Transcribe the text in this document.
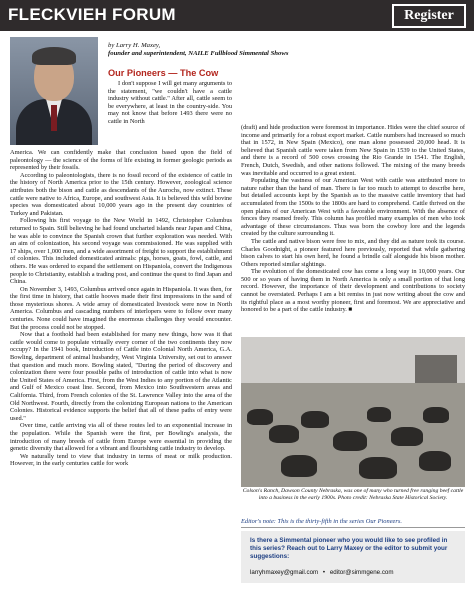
FLECKVIEH FORUM	Register
by Larry H. Maxey,
founder and superintendent, NAILE Fullblood Simmental Shows
Our Pioneers — The Cow

I don't suppose I will get many arguments to the statement, "we couldn't have a cattle industry without cattle." After all, cattle seem to be everywhere, at least in the country-side. You may not know that before 1493 there were no cattle in North

America. We can confidently make that conclusion based upon the field of paleontology — the science of the forms of life existing in former geologic periods as represented by their fossils.

According to paleontologists, there is no fossil record of the existence of cattle in the history of North America prior to the 15th century. However, zoological science attributes both the bison and cattle as descendants of the Aurochs, now extinct. These cattle were native to Africa, Europe, and southwest Asia. It is believed this wild bovine species was domesticated about 10,000 years ago in the present day countries of Turkey and Pakistan.

Following his first voyage to the New World in 1492, Christopher Columbus returned to Spain. Still believing he had found uncharted islands near Japan and China, he was able to convince the Spanish crown that further exploration was needed. With an aim of colonization, his second voyage was commissioned. He was supplied with 17 ships, over 1,000 men, and a wide assortment of freight to support the establishment of colonies. This included domesticated animals: pigs, horses, goats, fowl, cattle, and others. He was ordered to expand the settlement on Hispaniola, convert the Indigenous people to Christianity, establish a trading post, and continue the quest to find Japan and China.

On November 3, 1493, Columbus arrived once again in Hispaniola. It was then, for the first time in history, that cattle hooves made their first impressions in the sand of those mysterious shores. A wide array of domesticated livestock were now in North America. Columbus and cascading numbers of interlopers were to follow over many centuries. None could have imagined the enormous challenges they would encounter. But the process could not be stopped.

Now that a foothold had been established for many new things, how was it that cattle would come to populate virtually every corner of the two continents they now occupy? In the 1941 book, Introduction of Cattle into Colonial North America, G.A. Bowling, department of animal husbandry, West Virginia University, set out to answer that question and much more. Bowling stated, "During the period of discovery and colonization there were four possible paths of introduction of cattle into what is now the United States of America. First, from the West Indies to any portion of the Atlantic and Gulf of Mexico coast line. Second, from Mexico into Southwestern areas and California. Third, from French colonies of the St. Lawrence Valley into the area of the Old Northwest. Fourth, directly from the colonizing European nations to the American Colonies. Historical evidence supports the belief that all of these paths of entry were used."

Over time, cattle arriving via all of these routes led to an exponential increase in the population. While the Spanish were the first, per Bowling's analysis, the introduction of many breeds of cattle from Europe were essential in providing the genetic diversity that allowed for a vibrant and flourishing cattle industry to develop.

We naturally tend to view that industry in terms of meat or milk production. However, in the early centuries cattle for work

(draft) and hide production were foremost in importance. Hides were the chief source of income and primarily for a robust export market. Cattle numbers had increased so much that in 1572, in New Spain (Mexico), one man alone possessed 20,000 head. It is believed that Spanish cattle were taken from New Spain in 1539 to the United States, and there is a record of 500 cows crossing the Rio Grande in 1541. The English, French, Dutch, Swedish, and other nations followed. The mixing of the many breeds was inevitable and occurred to a great extent.

Populating the vastness of our American West with cattle was attributed more to nature rather than the hand of man. There is far too much to attempt to describe here, but detailed accounts kept by the Spanish as to the massive cattle inventory that had accumulated from the 1500s to the 1800s are hard to comprehend. Cattle thrived on the open plains of our American West with a favorable environment. With the absence of fences they roamed freely. This column has profiled many examples of men who took advantage of these circumstances. Thus was born the cowboy lore and the legends created by the culture surrounding it.

The cattle and native bison were free to mix, and they did as nature took its course. Charles Goodnight, a pioneer featured here previously, reported that while gathering bison calves to start his own herd, he found a brindle calf alongside his bison mother. Others reported similar sightings.

The evolution of the domesticated cow has come a long way in 10,000 years. Our 500 or so years of having them in North America is only a small portion of that long record. However, the importance of their development and contributions to society cannot be overstated. Perhaps I am a bit remiss in just now writing about the cow and its rightful place as a most worthy pioneer, first and foremost. We are appreciative and honored to be a part of the cattle industry. ■

Colson's Ranch, Dawson County Nebraska, was one of many who turned free ranging beef cattle into a business in the early 1900s. Photo credit: Nebraska State Historical Society.
Editor's note: This is the thirty-fifth in the series Our Pioneers.
Is there a Simmental pioneer who you would like to see profiled in this series? Reach out to Larry Maxey or the editor to submit your suggestions:
larryhmaxey@gmail.com • editor@simmgene.com
